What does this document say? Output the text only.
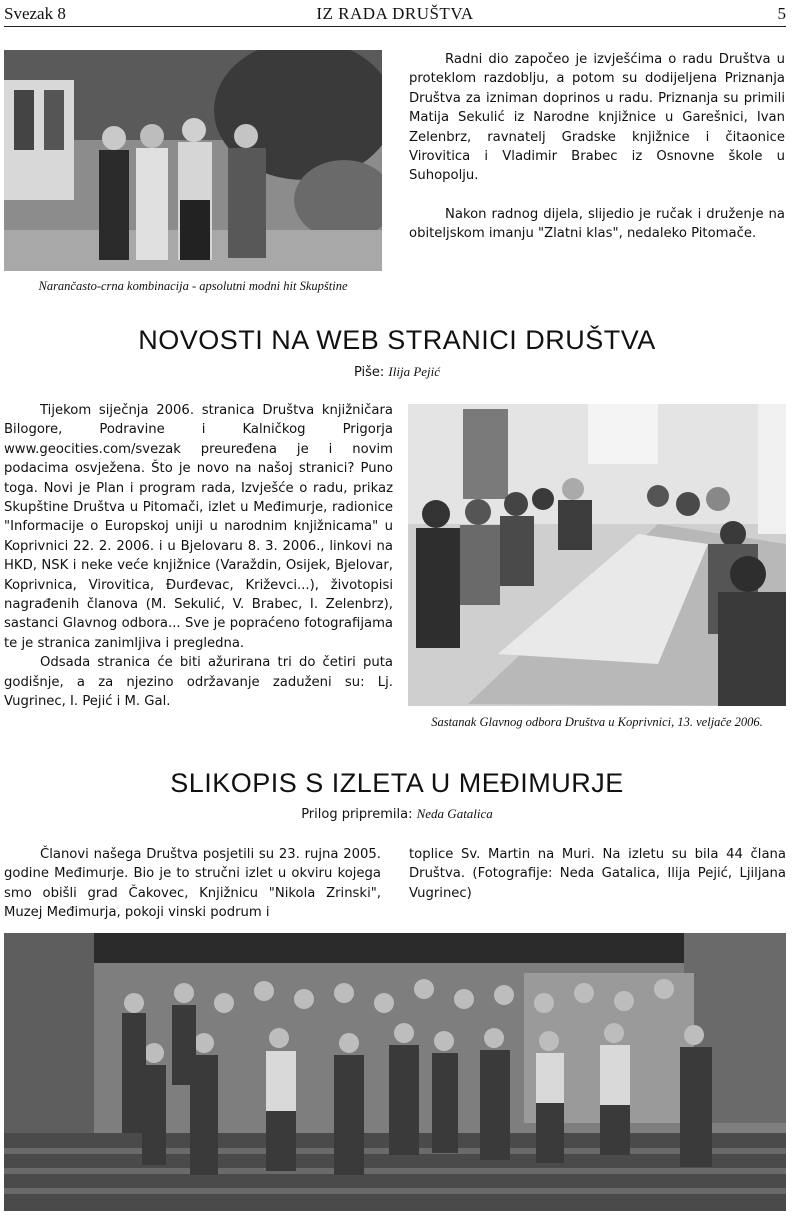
Svezak 8	IZ RADA DRUŠTVA	5
Narančasto-crna kombinacija - apsolutni modni hit Skupštine

Radni dio započeo je izvješćima o radu Društva u proteklom razdoblju, a potom su dodijeljena Priznanja Društva za izniman doprinos u radu. Priznanja su primili Matija Sekulić iz Narodne knjižnice u Garešnici, Ivan Zelenbrz, ravnatelj Gradske knjižnice i čitaonice Virovitica i Vladimir Brabec iz Osnovne škole u Suhopolju.

Nakon radnog dijela, slijedio je ručak i druženje na obiteljskom imanju "Zlatni klas", nedaleko Pitomače.

NOVOSTI NA WEB STRANICI DRUŠTVA
Piše: Ilija Pejić

Tijekom siječnja 2006. stranica Društva knjižničara Bilogore, Podravine i Kalničkog Prigorja www.geocities.com/svezak preuređena je i novim podacima osvježena. Što je novo na našoj stranici? Puno toga. Novi je Plan i program rada, Izvješće o radu, prikaz Skupštine Društva u Pitomači, izlet u Međimurje, radionice "Informacije o Europskoj uniji u narodnim knjižnicama" u Koprivnici 22. 2. 2006. i u Bjelovaru 8. 3. 2006., linkovi na HKD, NSK i neke veće knjižnice (Varaždin, Osijek, Bjelovar, Koprivnica, Virovitica, Đurđevac, Križevci...), životopisi nagrađenih članova (M. Sekulić, V. Brabec, I. Zelenbrz), sastanci Glavnog odbora... Sve je popraćeno fotografijama te je stranica zanimljiva i pregledna.

Odsada stranica će biti ažurirana tri do četiri puta godišnje, a za njezino održavanje zaduženi su: Lj. Vugrinec, I. Pejić i M. Gal.

Sastanak Glavnog odbora Društva u Koprivnici, 13. veljače 2006.
SLIKOPIS S IZLETA U MEĐIMURJE
Prilog pripremila: Neda Gatalica

Članovi našega Društva posjetili su 23. rujna 2005. godine Međimurje. Bio je to stručni izlet u okviru kojega smo obišli grad Čakovec, Knjižnicu "Nikola Zrinski", Muzej Međimurja, pokoji vinski podrum i

toplice Sv. Martin na Muri. Na izletu su bila 44 člana Društva. (Fotografije: Neda Gatalica, Ilija Pejić, Ljiljana Vugrinec)
